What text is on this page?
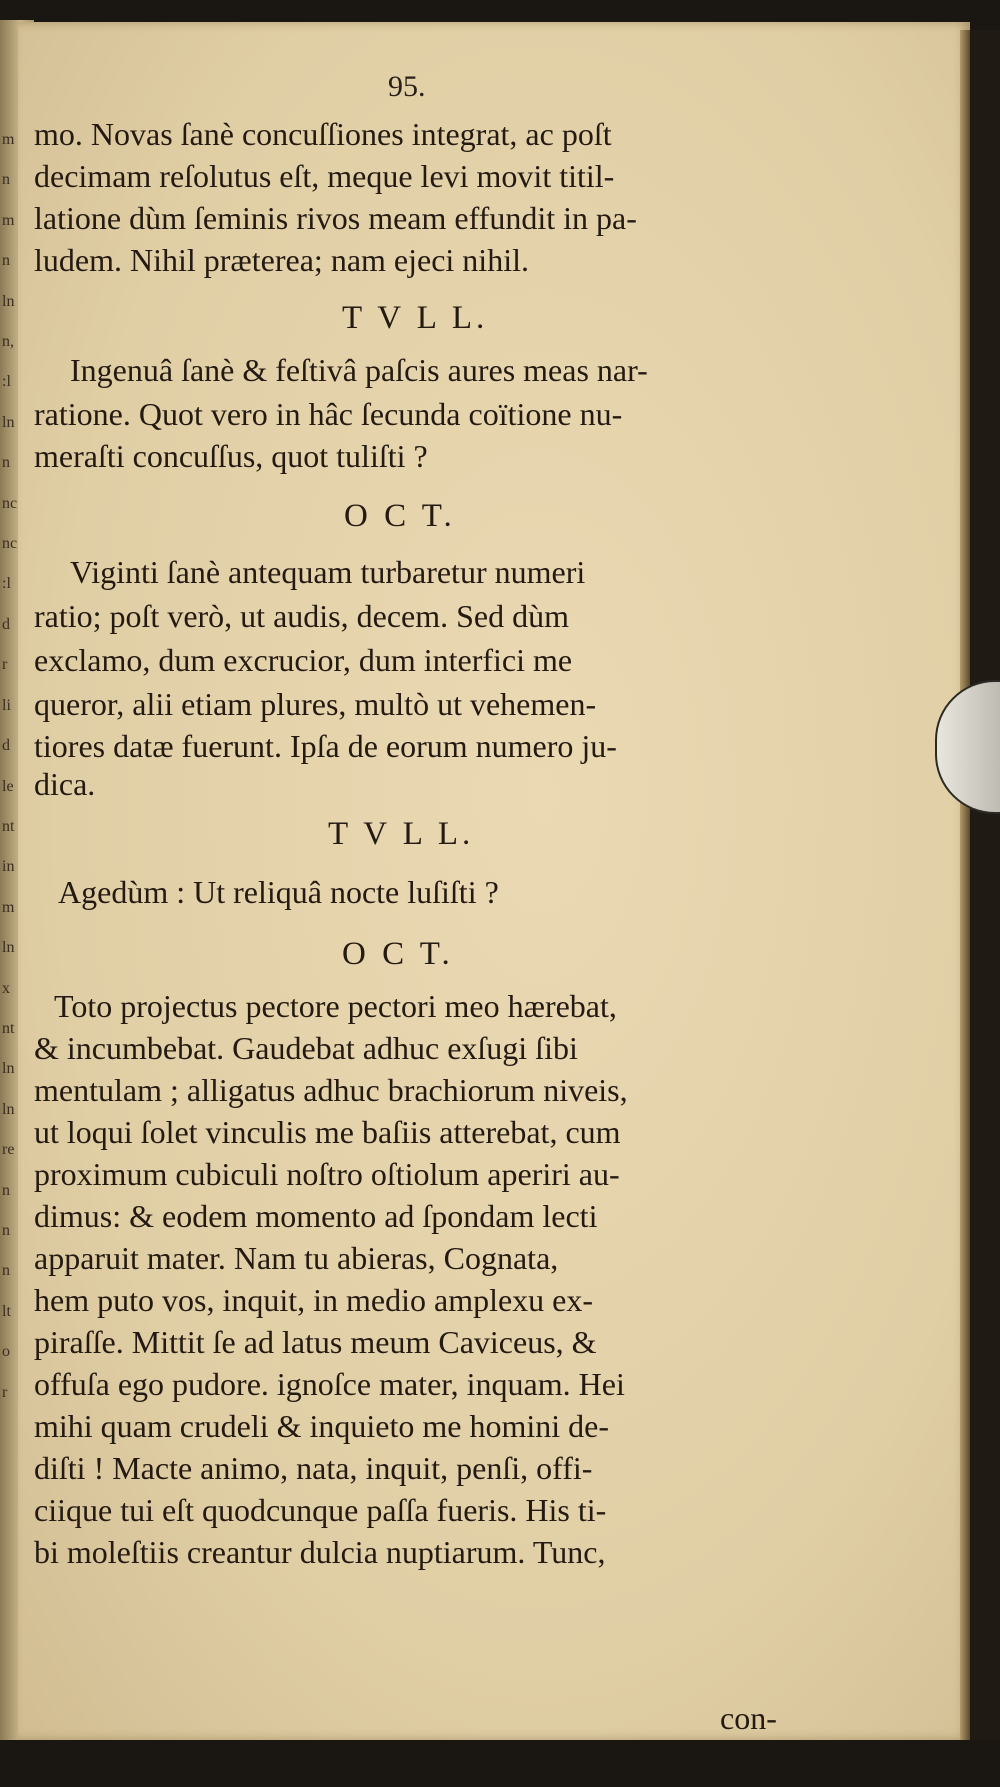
m
n
m
n
ln
n,
:l
ln
n
nc
nc
:l
d
r
li
d
le
nt
in
m
ln
x
nt
ln
ln
re
n
n
n
lt
o
r
95.
mo. Novas ſanè concuſſiones integrat, ac poſt
decimam reſolutus eſt, meque levi movit titil-
latione dùm ſeminis rivos meam effundit in pa-
ludem. Nihil præterea; nam ejeci nihil.
T V L L.
Ingenuâ ſanè & feſtivâ paſcis aures meas nar-
ratione. Quot vero in hâc ſecunda coïtione nu-
meraſti concuſſus, quot tuliſti ?
O C T.
Viginti ſanè antequam turbaretur numeri
ratio; poſt verò, ut audis, decem. Sed dùm
exclamo, dum excrucior, dum interfici me
queror, alii etiam plures, multò ut vehemen-
tiores datæ fuerunt. Ipſa de eorum numero ju-
dica.
T V L L.
Agedùm : Ut reliquâ nocte luſiſti ?
O C T.
Toto projectus pectore pectori meo hærebat,
& incumbebat. Gaudebat adhuc exſugi ſibi
mentulam ; alligatus adhuc brachiorum niveis,
ut loqui ſolet vinculis me baſiis atterebat, cum
proximum cubiculi noſtro oſtiolum aperiri au-
dimus: & eodem momento ad ſpondam lecti
apparuit mater. Nam tu abieras, Cognata,
hem puto vos, inquit, in medio amplexu ex-
piraſſe. Mittit ſe ad latus meum Caviceus, &
offuſa ego pudore. ignoſce mater, inquam. Hei
mihi quam crudeli & inquieto me homini de-
diſti ! Macte animo, nata, inquit, penſi, offi-
ciique tui eſt quodcunque paſſa fueris. His ti-
bi moleſtiis creantur dulcia nuptiarum. Tunc,
con-
